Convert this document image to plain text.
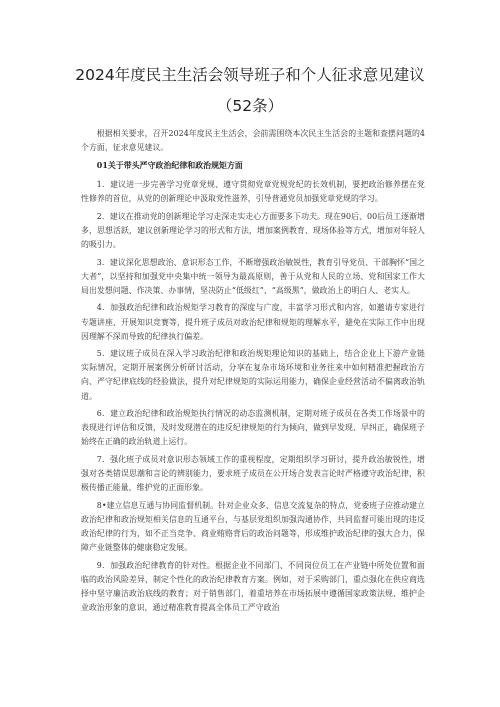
2024年度民主生活会领导班子和个人征求意见建议
（52条）

根据相关要求，召开2024年度民主生活会，会前需围绕本次民主生活会的主题和查摆问题的4个方面，征求意见建议。

01关于带头严守政治纪律和政治规矩方面

1．建议进一步完善学习党章党规、遵守贯彻党章党规党纪的长效机制，要把政治修养摆在党性修养的首位，从党的创新理论中汲取党性滋养，引导普通党员加强党章党规的学习。

2．建议在推动党的创新理论学习走深走实走心方面要多下功夫。现在90后、00后员工逐渐增多，思想活跃，建议创新理论学习的形式和方法，增加案例教育、现场体验等方式，增加对年轻人的吸引力。

3．建议深化思想政治、意识形态工作，不断增强政治敏锐性，教育引导党员、干部胸怀“国之大者”，以坚持和加强党中央集中统一领导为最高原则，善于从党和人民的立场、党和国家工作大局出发想问题、作决策、办事情，坚决防止“低级红”、“高级黑”，做政治上的明白人、老实人。

4．加强政治纪律和政治规矩学习教育的深度与广度，丰富学习形式和内容，如邀请专家进行专题讲座、开展知识竞赛等，提升班子成员对政治纪律和规矩的理解水平，避免在实际工作中出现因理解不深而导致的纪律执行偏差。

5．建议班子成员在深入学习政治纪律和政治规矩理论知识的基础上，结合企业上下游产业链实际情况，定期开展案例分析研讨活动，分享在复杂市场环境和业务往来中如何精准把握政治方向、严守纪律底线的经验做法，提升对纪律规矩的实际运用能力，确保企业经营活动不偏离政治轨道。

6．建立政治纪律和政治规矩执行情况的动态监测机制，定期对班子成员在各类工作场景中的表现进行评估和反馈，及时发现潜在的违反纪律规矩的行为倾向，做到早发现、早纠正，确保班子始终在正确的政治轨道上运行。

7．强化班子成员对意识形态领域工作的重视程度，定期组织学习研讨，提升政治敏锐性，增强对各类错误思潮和言论的辨别能力，要求班子成员在公开场合发表言论时严格遵守政治纪律，积极传播正能量，维护党的正面形象。

8•建立信息互通与协同监督机制。针对企业众多、信息交流复杂的特点，党委班子应推动建立政治纪律和政治规矩相关信息的互通平台，与基层党组织加强沟通协作，共同监督可能出现的违反政治纪律的行为，如不正当竞争、商业贿赂背后的政治问题等，形成维护政治纪律的强大合力，保障产业链整体的健康稳定发展。

9．加强政治纪律教育的针对性。根据企业不同部门、不同岗位员工在产业链中所处位置和面临的政治风险差异，制定个性化的政治纪律教育方案。例如，对于采购部门，重点强化在供应商选择中坚守廉洁政治底线的教育；对于销售部门，着重培养在市场拓展中遵循国家政策法规、维护企业政治形象的意识，通过精准教育提高全体员工严守政治
